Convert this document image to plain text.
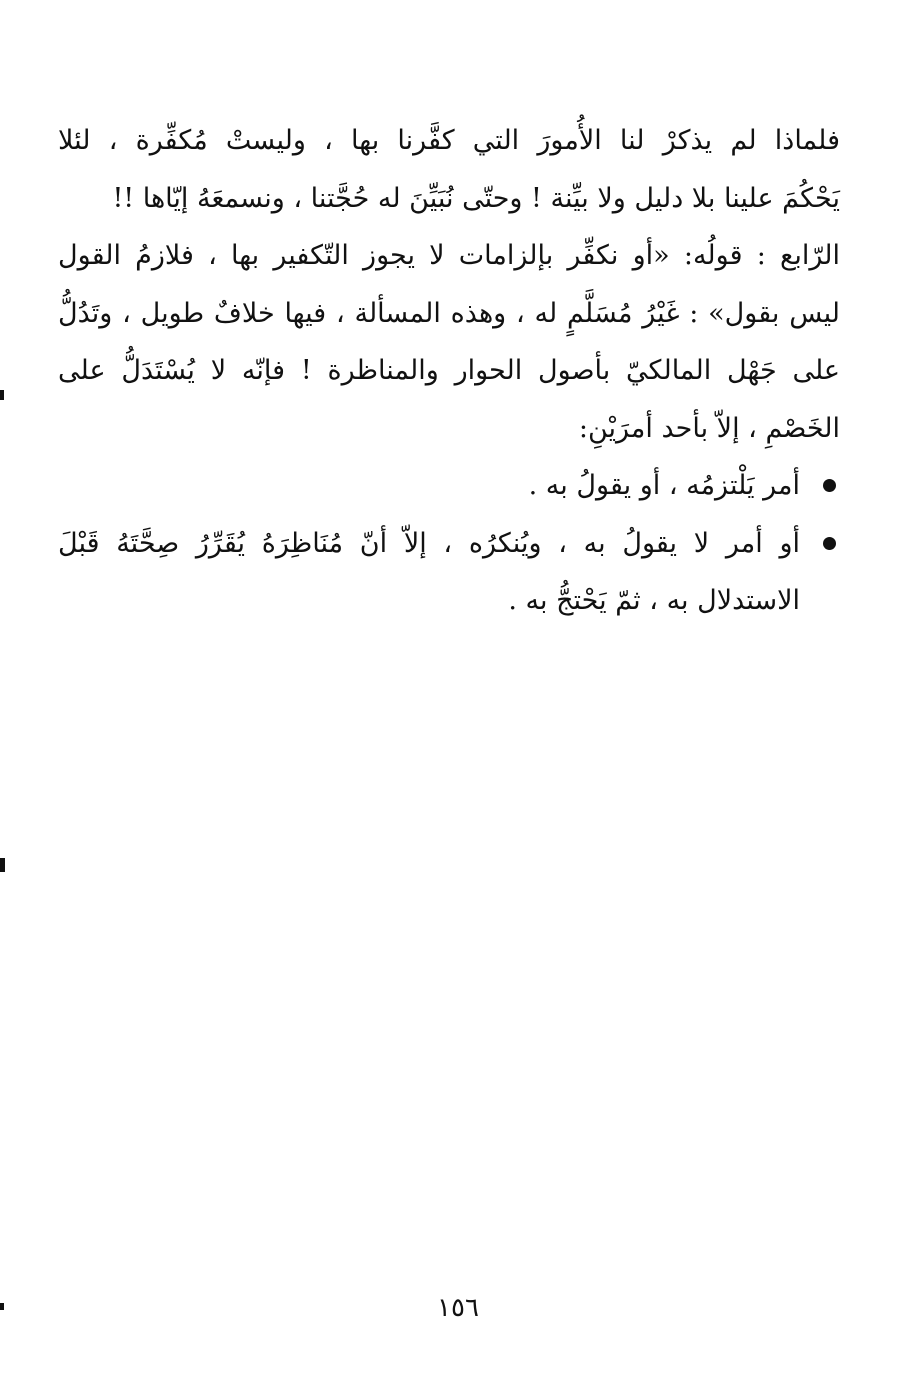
فلماذا لم يذكرْ لنا الأُمورَ التي كفَّرنا بها ، وليستْ مُكفِّرة ، لئلا
يَحْكُمَ علينا بلا دليل ولا بيِّنة ! وحتّى نُبَيِّنَ له حُجَّتنا ، ونسمعَهُ إيّاها !!

الرّابع : قولُه: «أو نكفِّر بإلزامات لا يجوز التّكفير بها ، فلازمُ القول
ليس بقول» : غَيْرُ مُسَلَّمٍ له ، وهذه المسألة ، فيها خلافٌ طويل ، وتَدُلُّ
على جَهْل المالكيّ بأصول الحوار والمناظرة ! فإنّه لا يُسْتَدَلُّ على
الخَصْمِ ، إلاّ بأحد أمرَيْنِ:

أمر يَلْتزمُه ، أو يقولُ به .
أو أمر لا يقولُ به ، ويُنكرُه ، إلاّ أنّ مُنَاظِرَهُ يُقَرِّرُ صِحَّتَهُ قَبْلَ
الاستدلال به ، ثمّ يَحْتجُّ به .
١٥٦
